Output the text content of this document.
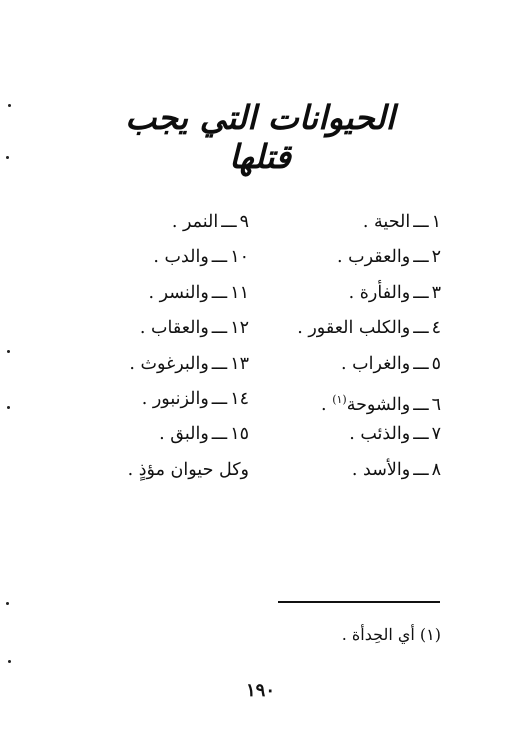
الحيوانات التي يجب قتلها
١ـــالحية .
٢ـــوالعقرب .
٣ـــوالفأرة .
٤ـــوالكلب العقور .
٥ـــوالغراب .
٦ـــوالشوحة$^{(١)}$ .
٧ـــوالذئب .
٨ـــوالأسد .
٩ـــالنمر .
١٠ـــوالدب .
١١ـــوالنسر .
١٢ـــوالعقاب .
١٣ـــوالبرغوث .
١٤ـــوالزنبور .
١٥ـــوالبق .
وكل حيوان مؤذٍ .
(١) أي الحِدأة .
١٩٠
